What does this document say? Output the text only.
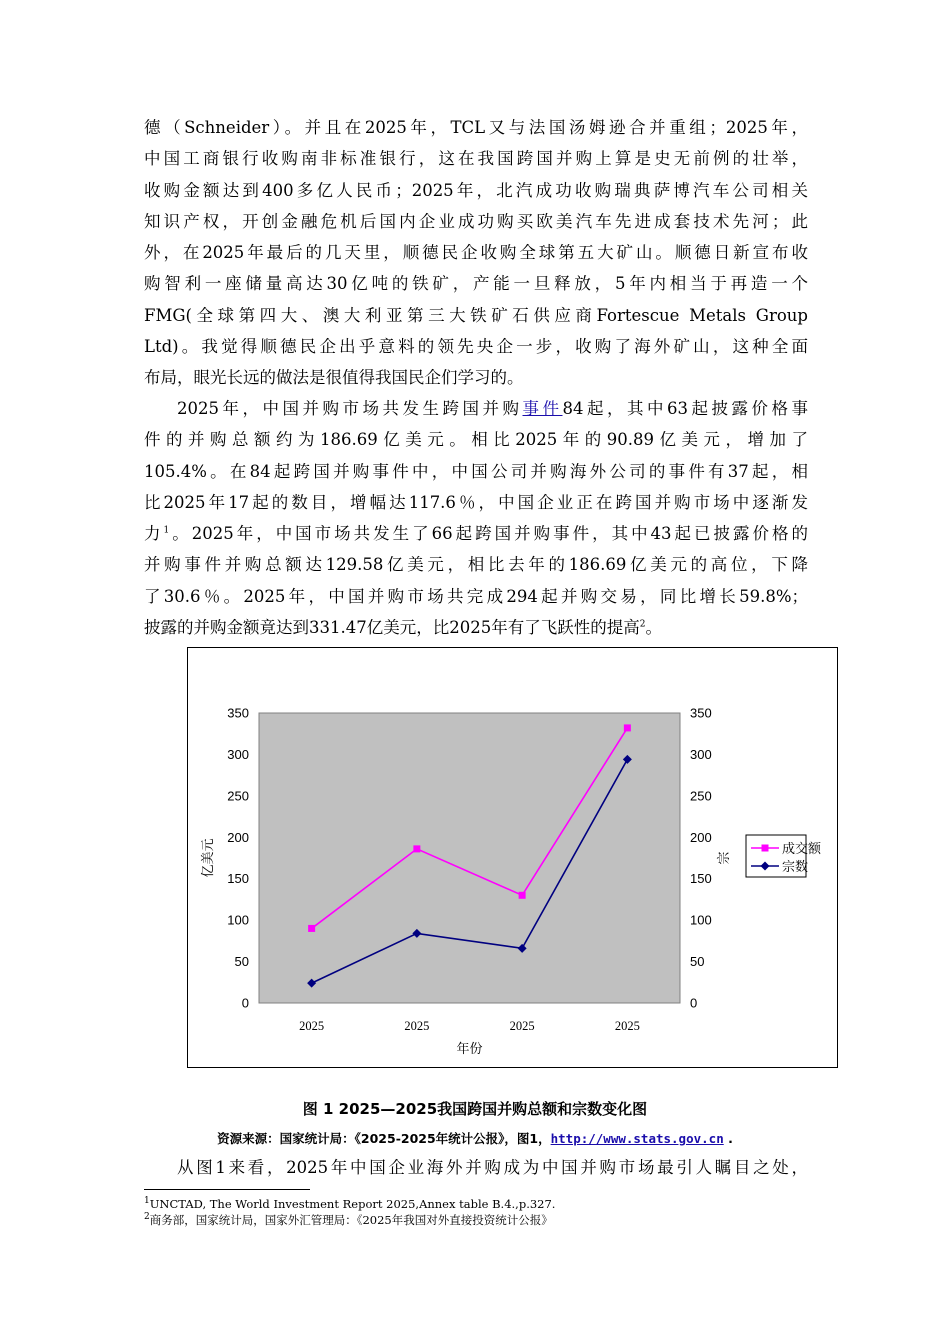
德（Schneider）。并且在2025年，TCL又与法国汤姆逊合并重组；2025年，
中国工商银行收购南非标准银行，这在我国跨国并购上算是史无前例的壮举，
收购金额达到400多亿人民币；2025年，北汽成功收购瑞典萨博汽车公司相关
知识产权，开创金融危机后国内企业成功购买欧美汽车先进成套技术先河；此
外，在2025年最后的几天里，顺德民企收购全球第五大矿山。顺德日新宣布收
购智利一座储量高达30亿吨的铁矿，产能一旦释放，5年内相当于再造一个
FMG(全球第四大、澳大利亚第三大铁矿石供应商Fortescue Metals Group
Ltd)。我觉得顺德民企出乎意料的领先央企一步，收购了海外矿山，这种全面
布局，眼光长远的做法是很值得我国民企们学习的。
2025年，中国并购市场共发生跨国并购事件84起，其中63起披露价格事
件的并购总额约为186.69亿美元。相比2025年的90.89亿美元，增加了
105.4%。在84起跨国并购事件中，中国公司并购海外公司的事件有37起，相
比2025年17起的数目，增幅达117.6％，中国企业正在跨国并购市场中逐渐发
力$^1$。2025年，中国市场共发生了66起跨国并购事件，其中43起已披露价格的
并购事件并购总额达129.58亿美元，相比去年的186.69亿美元的高位，下降
了30.6％。2025年，中国并购市场共完成294起并购交易，同比增长59.8%；
披露的并购金额竟达到331.47亿美元，比2025年有了飞跃性的提高$^2$。
0	0
50	50
100	100
150	150
200	200
250	250
300	300
350	350
2025	2025	2025	2025
年份
亿美元	宗
成交额
宗数
图 1 2025—2025我国跨国并购总额和宗数变化图
资源来源：国家统计局：《2025-2025年统计公报》，图1，http://www.stats.gov.cn .
从图1来看，2025年中国企业海外并购成为中国并购市场最引人瞩目之处，
$^1$UNCTAD, The World Investment Report 2025,Annex table B.4.,p.327.
$^2$商务部，国家统计局，国家外汇管理局：《2025年我国对外直接投资统计公报》
